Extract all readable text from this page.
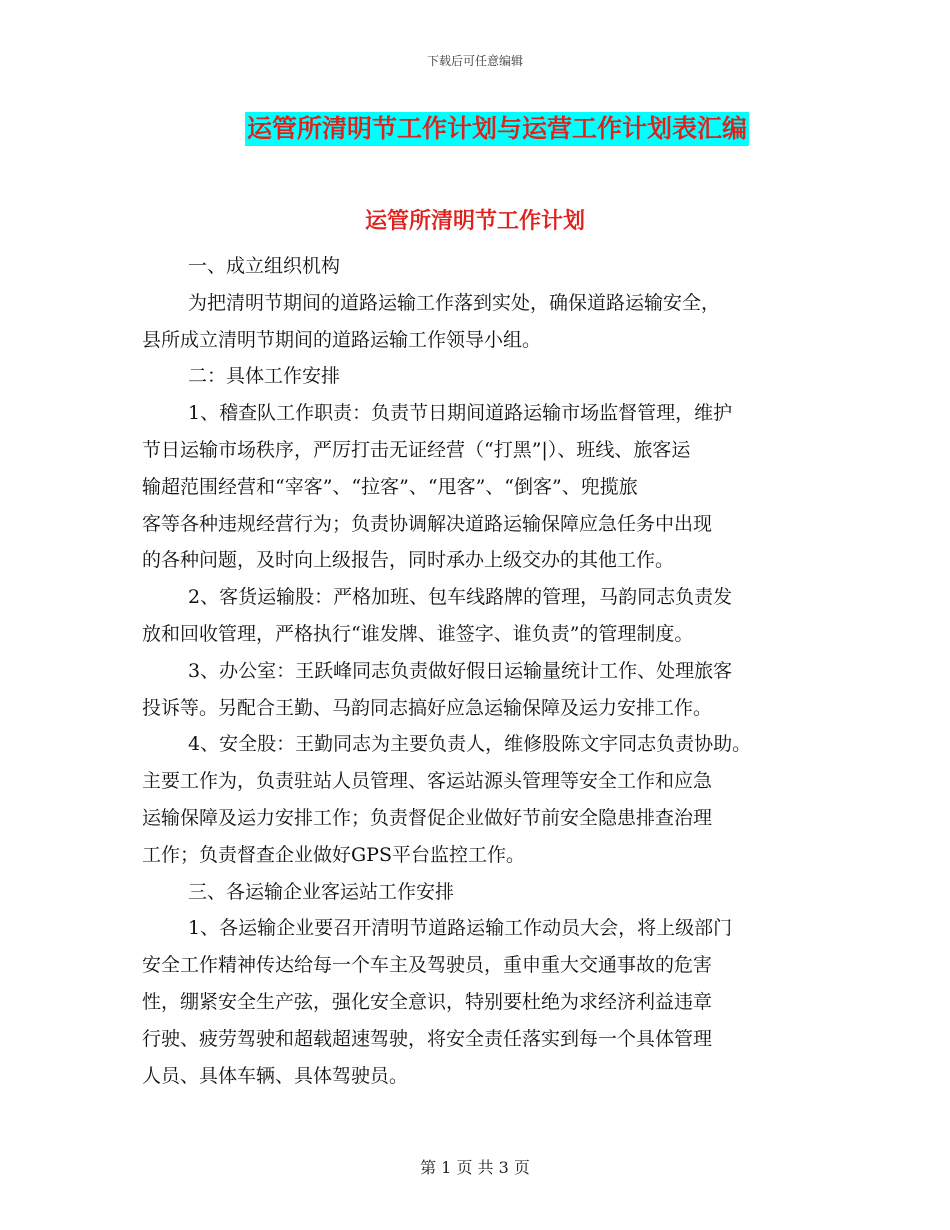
下载后可任意编辑
运管所清明节工作计划与运营工作计划表汇编
运管所清明节工作计划

一、成立组织机构

为把清明节期间的道路运输工作落到实处，确保道路运输安全，

县所成立清明节期间的道路运输工作领导小组。

二：具体工作安排

1、稽查队工作职责：负责节日期间道路运输市场监督管理，维护

节日运输市场秩序，严厉打击无证经营（“打黑”|）、班线、旅客运

输超范围经营和“宰客”、“拉客”、“甩客”、“倒客”、兜揽旅

客等各种违规经营行为；负责协调解决道路运输保障应急任务中出现

的各种问题，及时向上级报告，同时承办上级交办的其他工作。

2、客货运输股：严格加班、包车线路牌的管理，马韵同志负责发

放和回收管理，严格执行“谁发牌、谁签字、谁负责”的管理制度。

3、办公室：王跃峰同志负责做好假日运输量统计工作、处理旅客

投诉等。另配合王勤、马韵同志搞好应急运输保障及运力安排工作。

4、安全股：王勤同志为主要负责人，维修股陈文宇同志负责协助。

主要工作为，负责驻站人员管理、客运站源头管理等安全工作和应急

运输保障及运力安排工作；负责督促企业做好节前安全隐患排查治理

工作；负责督查企业做好GPS平台监控工作。

三、各运输企业客运站工作安排

1、各运输企业要召开清明节道路运输工作动员大会，将上级部门

安全工作精神传达给每一个车主及驾驶员，重申重大交通事故的危害

性，绷紧安全生产弦，强化安全意识，特别要杜绝为求经济利益违章

行驶、疲劳驾驶和超载超速驾驶，将安全责任落实到每一个具体管理

人员、具体车辆、具体驾驶员。

第 1 页 共 3 页
